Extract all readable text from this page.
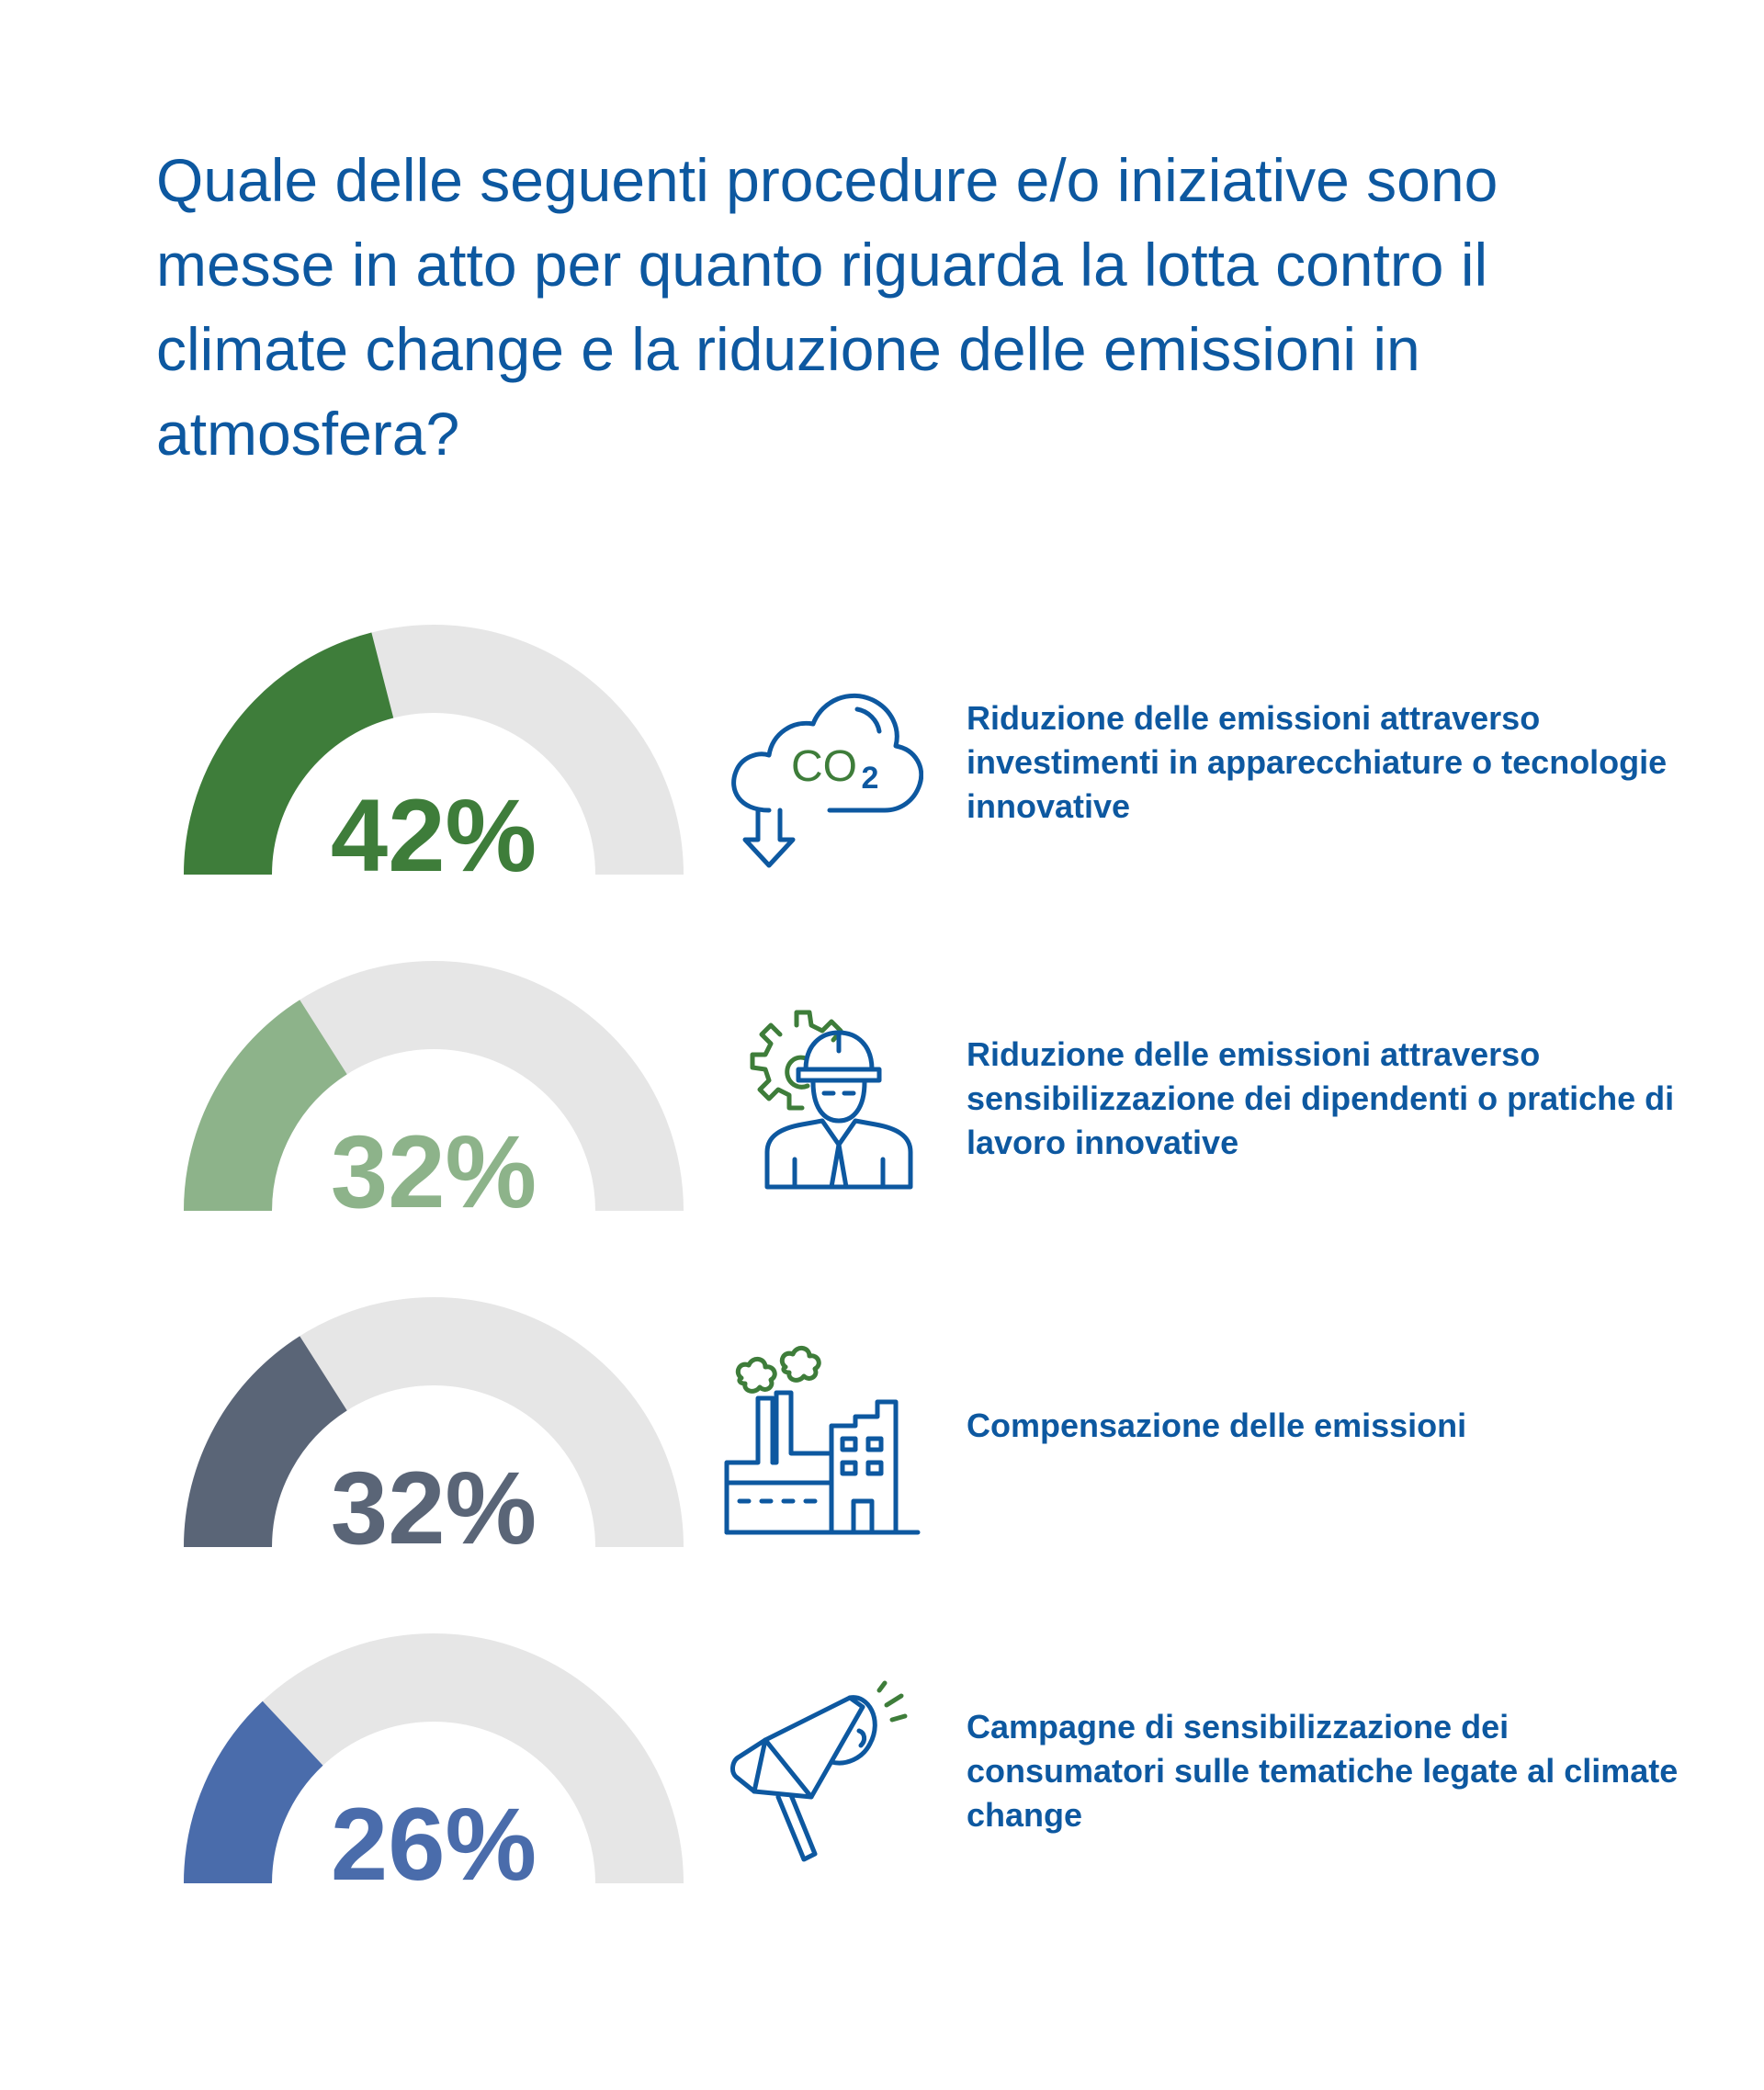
Quale delle seguenti procedure e/o iniziative sono messe in atto per quanto riguarda la lotta contro il climate change e la riduzione delle emissioni in atmosfera?
42%
CO 2
Riduzione delle emissioni attraverso investimenti in apparecchiature o tecnologie innovative
32%
Riduzione delle emissioni attraverso sensibilizzazione dei dipendenti o pratiche di lavoro innovative
32%
Compensazione delle emissioni
26%
Campagne di sensibilizzazione dei consumatori sulle tematiche legate al climate change
